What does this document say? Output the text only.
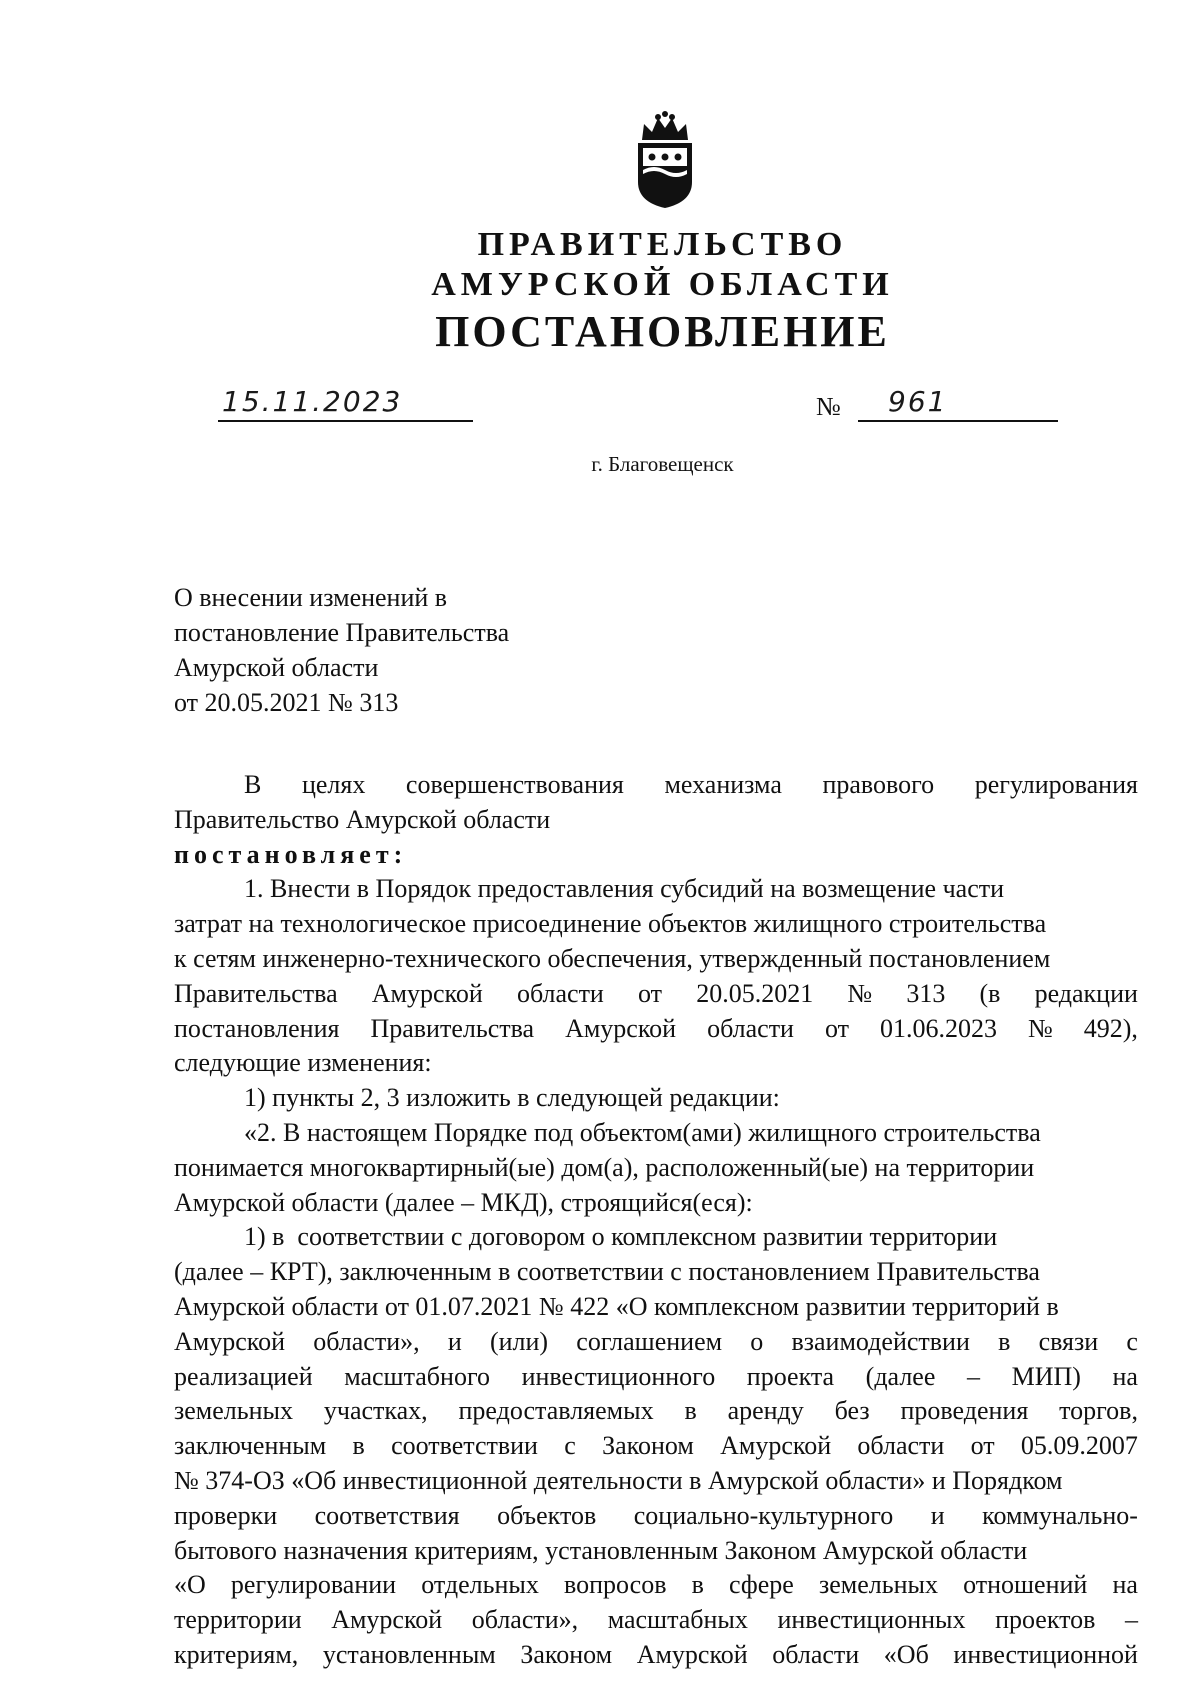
ПРАВИТЕЛЬСТВО
АМУРСКОЙ ОБЛАСТИ
ПОСТАНОВЛЕНИЕ
15.11.2023	№ 961
г. Благовещенск
О внесении изменений в
постановление Правительства
Амурской области
от 20.05.2021 № 313
В целях совершенствования механизма правового регулирования
Правительство Амурской области
постановляет:
1. Внести в Порядок предоставления субсидий на возмещение части
затрат на технологическое присоединение объектов жилищного строительства
к сетям инженерно-технического обеспечения, утвержденный постановлением
Правительства Амурской области от 20.05.2021 № 313 (в редакции
постановления Правительства Амурской области от 01.06.2023 № 492),
следующие изменения:
1) пункты 2, 3 изложить в следующей редакции:
«2. В настоящем Порядке под объектом(ами) жилищного строительства
понимается многоквартирный(ые) дом(а), расположенный(ые) на территории
Амурской области (далее – МКД), строящийся(еся):
1) в  соответствии с договором о комплексном развитии территории
(далее – КРТ), заключенным в соответствии с постановлением Правительства
Амурской области от 01.07.2021 № 422 «О комплексном развитии территорий в
Амурской области», и (или) соглашением о взаимодействии в связи с
реализацией масштабного инвестиционного проекта (далее – МИП) на
земельных участках, предоставляемых в аренду без проведения торгов,
заключенным в соответствии с Законом Амурской области от 05.09.2007
№ 374-ОЗ «Об инвестиционной деятельности в Амурской области» и Порядком
проверки соответствия объектов социально-культурного и коммунально-
бытового назначения критериям, установленным Законом Амурской области
«О регулировании отдельных вопросов в сфере земельных отношений на
территории Амурской области», масштабных инвестиционных проектов –
критериям, установленным Законом Амурской области «Об инвестиционной
